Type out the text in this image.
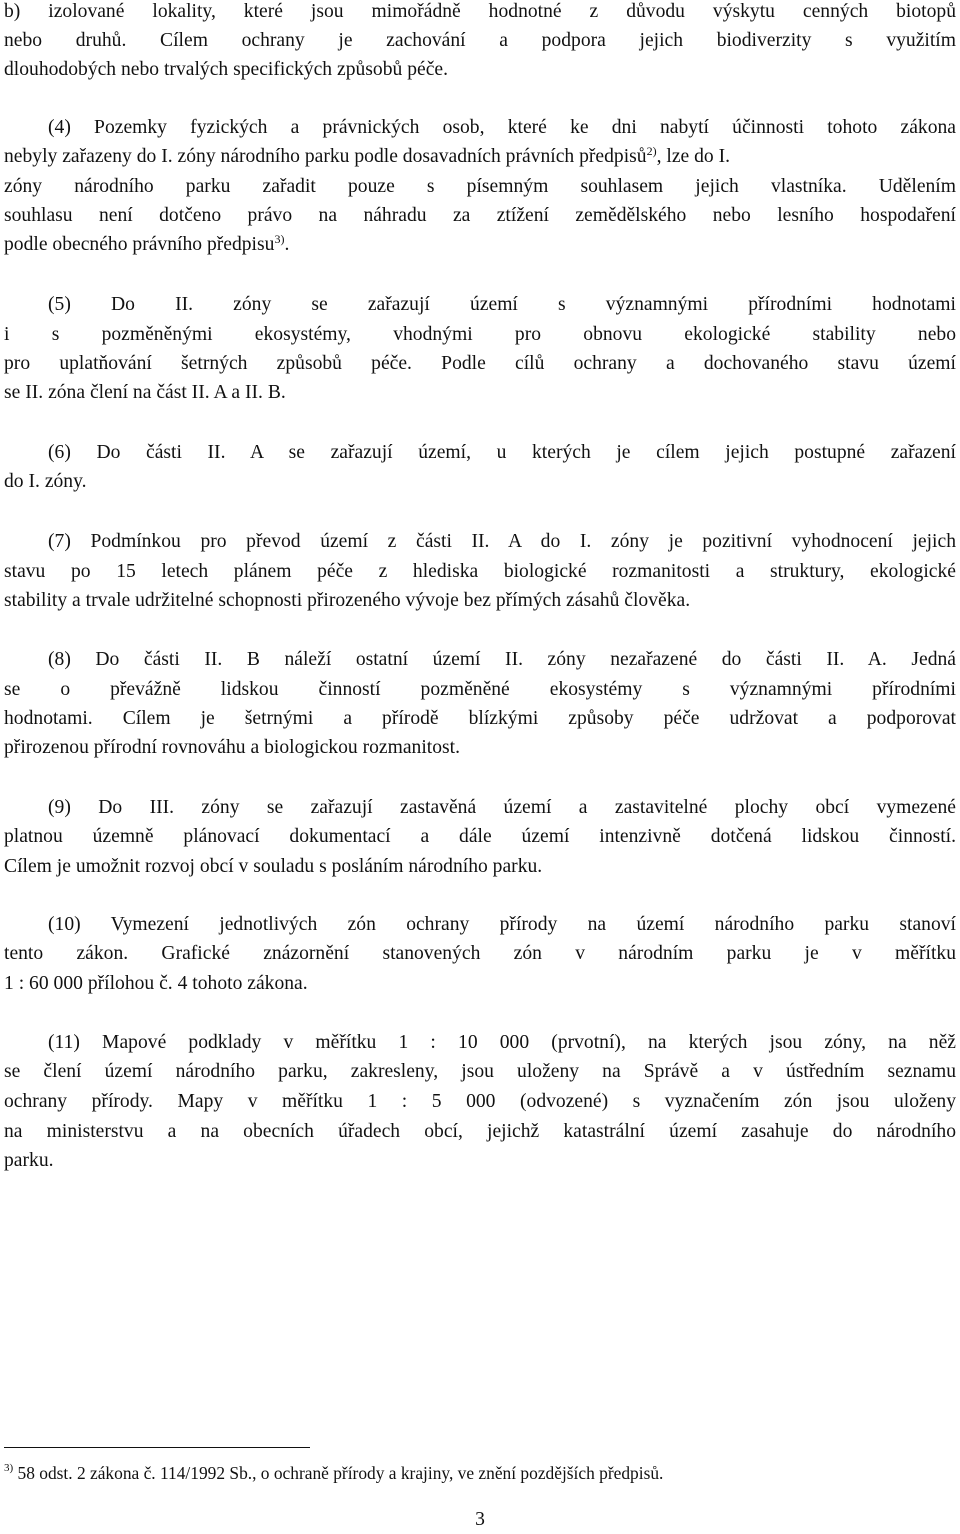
b) izolované lokality, které jsou mimořádně hodnotné z důvodu výskytu cenných biotopů
nebo druhů. Cílem ochrany je zachování a podpora jejich biodiverzity s využitím
dlouhodobých nebo trvalých specifických způsobů péče.
(4) Pozemky fyzických a právnických osob, které ke dni nabytí účinnosti tohoto zákona
nebyly zařazeny do I. zóny národního parku podle dosavadních právních předpisů$^{2)}$, lze do I.
zóny národního parku zařadit pouze s písemným souhlasem jejich vlastníka. Udělením
souhlasu není dotčeno právo na náhradu za ztížení zemědělského nebo lesního hospodaření
podle obecného právního předpisu$^{3)}$.
(5) Do II. zóny se zařazují území s významnými přírodními hodnotami
i s pozměněnými ekosystémy, vhodnými pro obnovu ekologické stability nebo
pro uplatňování šetrných způsobů péče. Podle cílů ochrany a dochovaného stavu území
se II. zóna člení na část II. A a II. B.
(6) Do části II. A se zařazují území, u kterých je cílem jejich postupné zařazení
do I. zóny.
(7) Podmínkou pro převod území z části II. A do I. zóny je pozitivní vyhodnocení jejich
stavu po 15 letech plánem péče z hlediska biologické rozmanitosti a struktury, ekologické
stability a trvale udržitelné schopnosti přirozeného vývoje bez přímých zásahů člověka.
(8) Do části II. B náleží ostatní území II. zóny nezařazené do části II. A. Jedná
se o převážně lidskou činností pozměněné ekosystémy s významnými přírodními
hodnotami. Cílem je šetrnými a přírodě blízkými způsoby péče udržovat a podporovat
přirozenou přírodní rovnováhu a biologickou rozmanitost.
(9) Do III. zóny se zařazují zastavěná území a zastavitelné plochy obcí vymezené
platnou územně plánovací dokumentací a dále území intenzivně dotčená lidskou činností.
Cílem je umožnit rozvoj obcí v souladu s posláním národního parku.
(10) Vymezení jednotlivých zón ochrany přírody na území národního parku stanoví
tento zákon. Grafické znázornění stanovených zón v národním parku je v měřítku
1 : 60 000 přílohou č. 4 tohoto zákona.
(11) Mapové podklady v měřítku 1 : 10 000 (prvotní), na kterých jsou zóny, na něž
se člení území národního parku, zakresleny, jsou uloženy na Správě a v ústředním seznamu
ochrany přírody. Mapy v měřítku 1 : 5 000 (odvozené) s vyznačením zón jsou uloženy
na ministerstvu a na obecních úřadech obcí, jejichž katastrální území zasahuje do národního
parku.
$^{3)}$ 58 odst. 2 zákona č. 114/1992 Sb., o ochraně přírody a krajiny, ve znění pozdějších předpisů.
3
